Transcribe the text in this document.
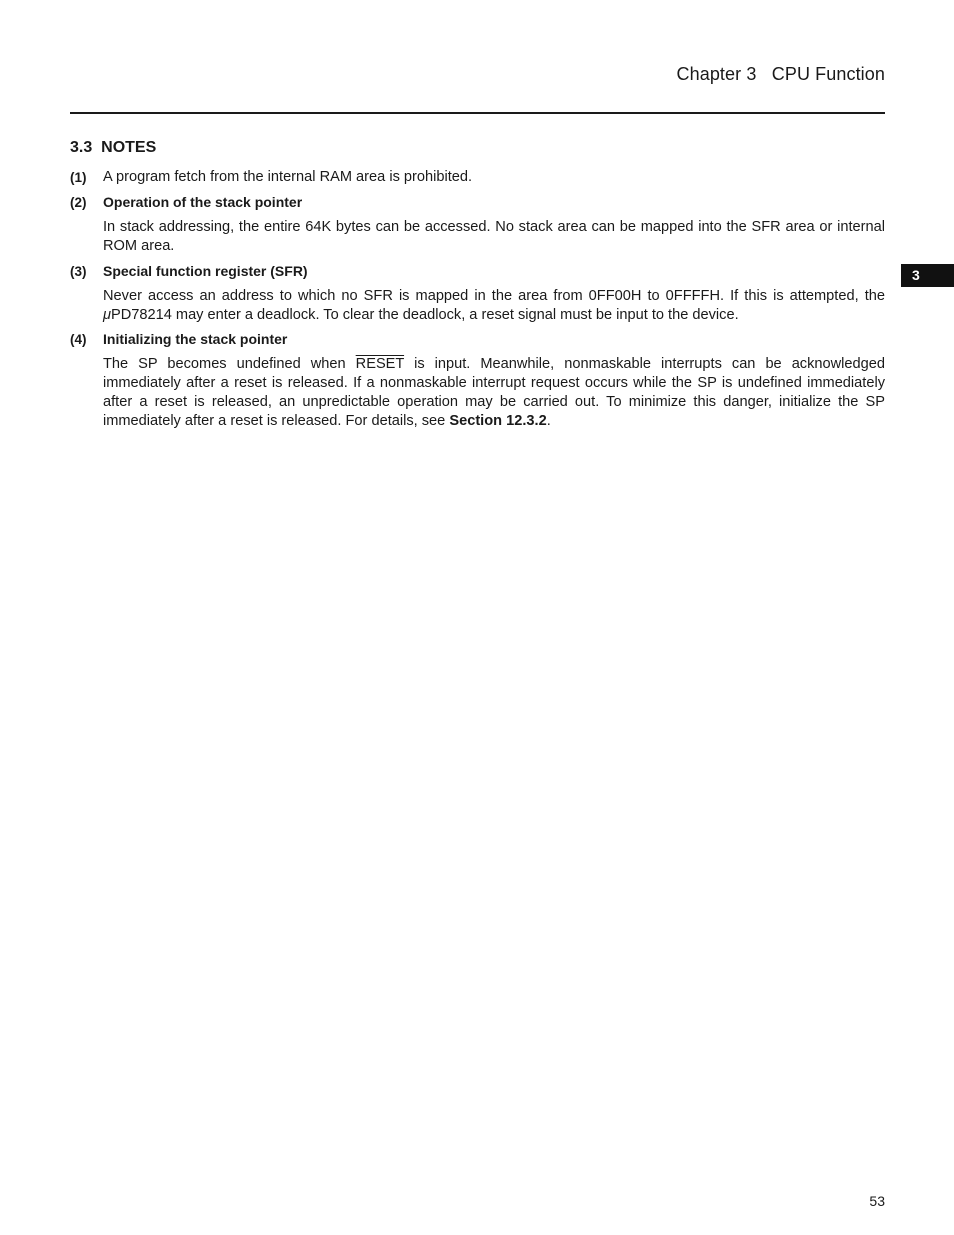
Chapter 3   CPU Function
3
3.3  NOTES
(1) A program fetch from the internal RAM area is prohibited.
(2) Operation of the stack pointer
In stack addressing, the entire 64K bytes can be accessed. No stack area can be mapped into the SFR area or internal ROM area.
(3) Special function register (SFR)
Never access an address to which no SFR is mapped in the area from 0FF00H to 0FFFFH. If this is attempted, the μPD78214 may enter a deadlock. To clear the deadlock, a reset signal must be input to the device.
(4) Initializing the stack pointer
The SP becomes undefined when RESET is input. Meanwhile, nonmaskable interrupts can be acknowledged immediately after a reset is released. If a nonmaskable interrupt request occurs while the SP is undefined immediately after a reset is released, an unpredictable operation may be carried out. To minimize this danger, initialize the SP immediately after a reset is released. For details, see Section 12.3.2.
53
